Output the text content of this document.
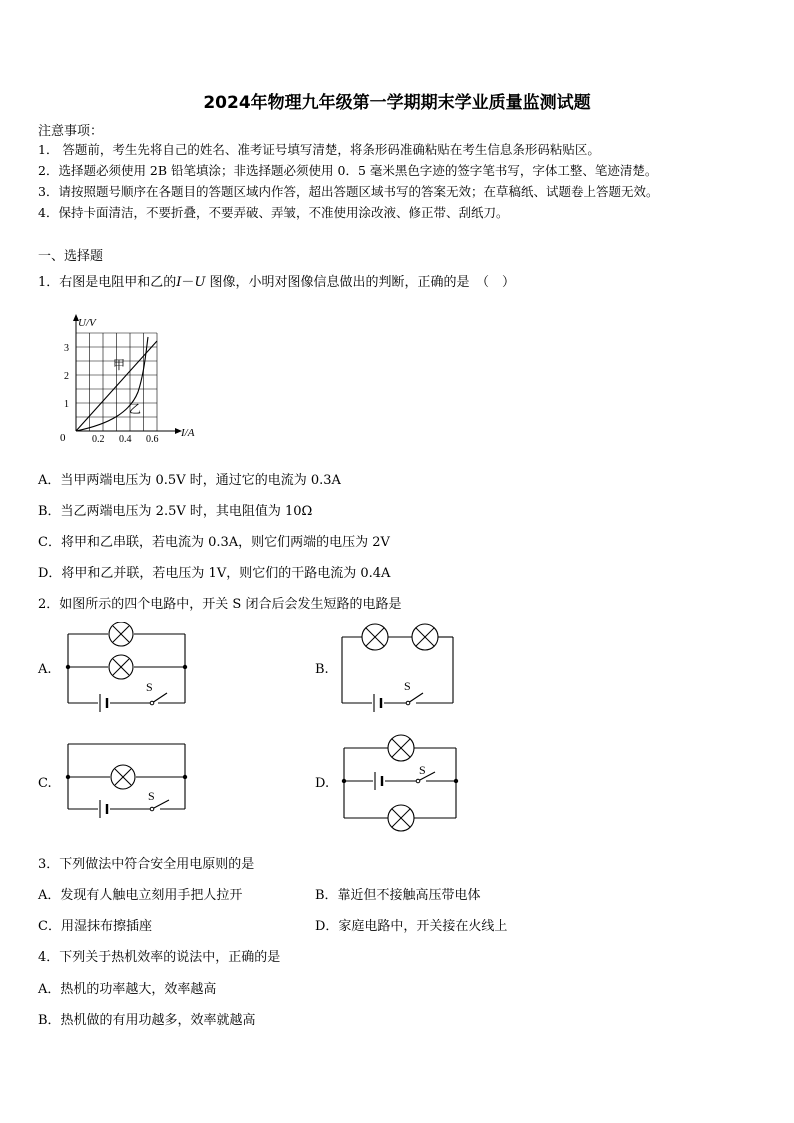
2024年物理九年级第一学期期末学业质量监测试题
注意事项：
1． 答题前，考生先将自己的姓名、准考证号填写清楚，将条形码准确粘贴在考生信息条形码粘贴区。
2．选择题必须使用 2B 铅笔填涂；非选择题必须使用 0．5 毫米黑色字迹的签字笔书写，字体工整、笔迹清楚。
3．请按照题号顺序在各题目的答题区域内作答，超出答题区域书写的答案无效；在草稿纸、试题卷上答题无效。
4．保持卡面清洁，不要折叠，不要弄破、弄皱，不准使用涂改液、修正带、刮纸刀。
一、选择题
1．右图是电阻甲和乙的I－U 图像，小明对图像信息做出的判断，正确的是　（　）
U/V
I/A
0	0.2 0.4 0.6
1
2
3
甲
乙
A．当甲两端电压为 0.5V 时，通过它的电流为 0.3A
B．当乙两端电压为 2.5V 时，其电阻值为 10Ω
C．将甲和乙串联，若电流为 0.3A，则它们两端的电压为 2V
D．将甲和乙并联，若电压为 1V，则它们的干路电流为 0.4A
2．如图所示的四个电路中，开关 S 闭合后会发生短路的电路是
A.	B.
C.	D.
S	S
S
S
3．下列做法中符合安全用电原则的是
A．发现有人触电立刻用手把人拉开	B．靠近但不接触高压带电体
C．用湿抹布擦插座	D．家庭电路中，开关接在火线上
4．下列关于热机效率的说法中，正确的是
A．热机的功率越大，效率越高
B．热机做的有用功越多，效率就越高
